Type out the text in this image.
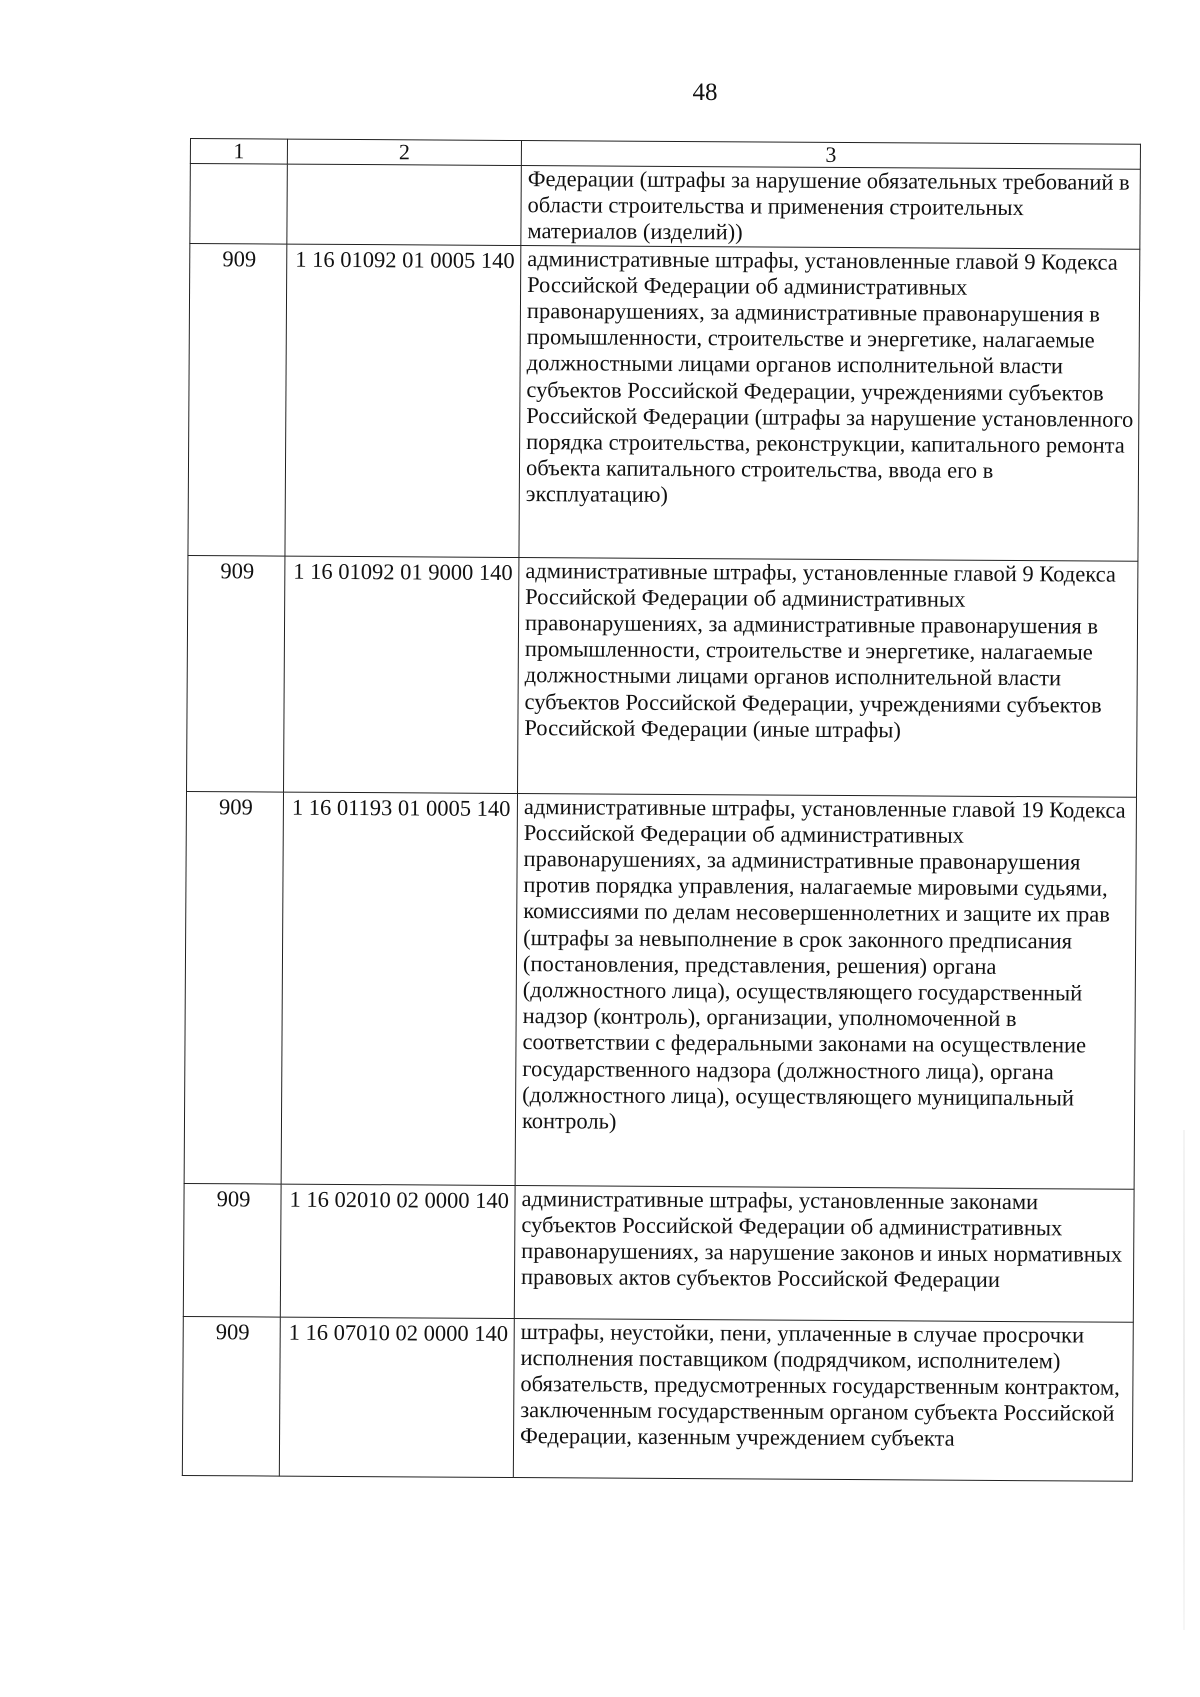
48
1	2	3
		Федерации (штрафы за нарушение обязательных требований в области строительства и применения строительных материалов (изделий))
909	1 16 01092 01 0005 140	административные штрафы, установленные главой 9 Кодекса Российской Федерации об административных правонарушениях, за административные правонарушения в промышленности, строительстве и энергетике, налагаемые должностными лицами органов исполнительной власти субъектов Российской Федерации, учреждениями субъектов Российской Федерации (штрафы за нарушение установленного порядка строительства, реконструкции, капитального ремонта объекта капитального строительства, ввода его в эксплуатацию)
909	1 16 01092 01 9000 140	административные штрафы, установленные главой 9 Кодекса Российской Федерации об административных правонарушениях, за административные правонарушения в промышленности, строительстве и энергетике, налагаемые должностными лицами органов исполнительной власти субъектов Российской Федерации, учреждениями субъектов Российской Федерации (иные штрафы)
909	1 16 01193 01 0005 140	административные штрафы, установленные главой 19 Кодекса Российской Федерации об административных правонарушениях, за административные правонарушения против порядка управления, налагаемые мировыми судьями, комиссиями по делам несовершеннолетних и защите их прав (штрафы за невыполнение в срок законного предписания (постановления, представления, решения) органа (должностного лица), осуществляющего государственный надзор (контроль), организации, уполномоченной в соответствии с федеральными законами на осуществление государственного надзора (должностного лица), органа (должностного лица), осуществляющего муниципальный контроль)
909	1 16 02010 02 0000 140	административные штрафы, установленные законами субъектов Российской Федерации об административных правонарушениях, за нарушение законов и иных нормативных правовых актов субъектов Российской Федерации
909	1 16 07010 02 0000 140	штрафы, неустойки, пени, уплаченные в случае просрочки исполнения поставщиком (подрядчиком, исполнителем) обязательств, предусмотренных государственным контрактом, заключенным государственным органом субъекта Российской Федерации, казенным учреждением субъекта
